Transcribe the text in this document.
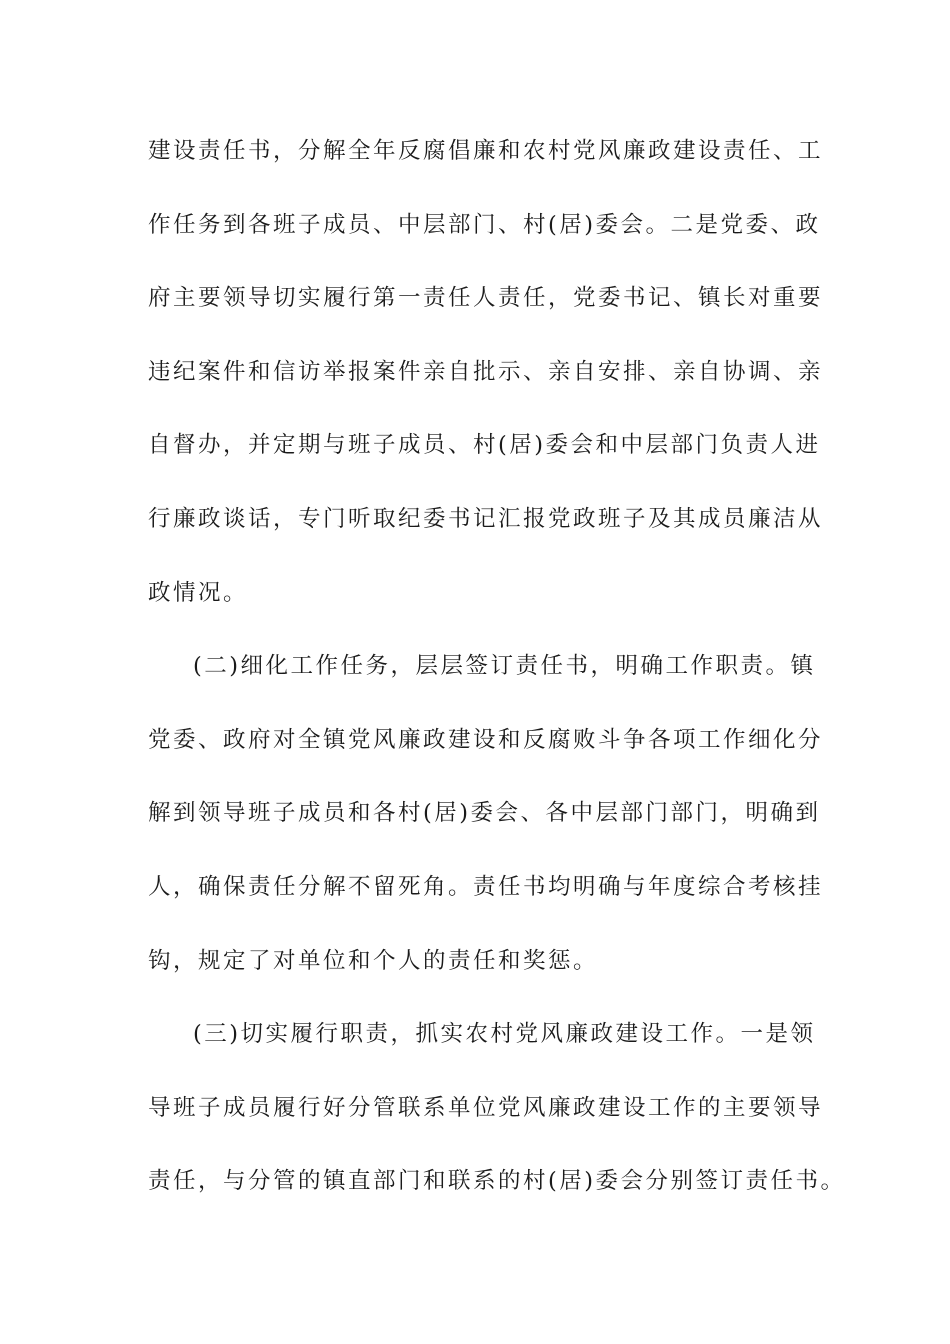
建设责任书，分解全年反腐倡廉和农村党风廉政建设责任、工
作任务到各班子成员、中层部门、村(居)委会。二是党委、政
府主要领导切实履行第一责任人责任，党委书记、镇长对重要
违纪案件和信访举报案件亲自批示、亲自安排、亲自协调、亲
自督办，并定期与班子成员、村(居)委会和中层部门负责人进
行廉政谈话，专门听取纪委书记汇报党政班子及其成员廉洁从
政情况。
(二)细化工作任务，层层签订责任书，明确工作职责。镇
党委、政府对全镇党风廉政建设和反腐败斗争各项工作细化分
解到领导班子成员和各村(居)委会、各中层部门部门，明确到
人，确保责任分解不留死角。责任书均明确与年度综合考核挂
钩，规定了对单位和个人的责任和奖惩。
(三)切实履行职责，抓实农村党风廉政建设工作。一是领
导班子成员履行好分管联系单位党风廉政建设工作的主要领导
责任，与分管的镇直部门和联系的村(居)委会分别签订责任书。
